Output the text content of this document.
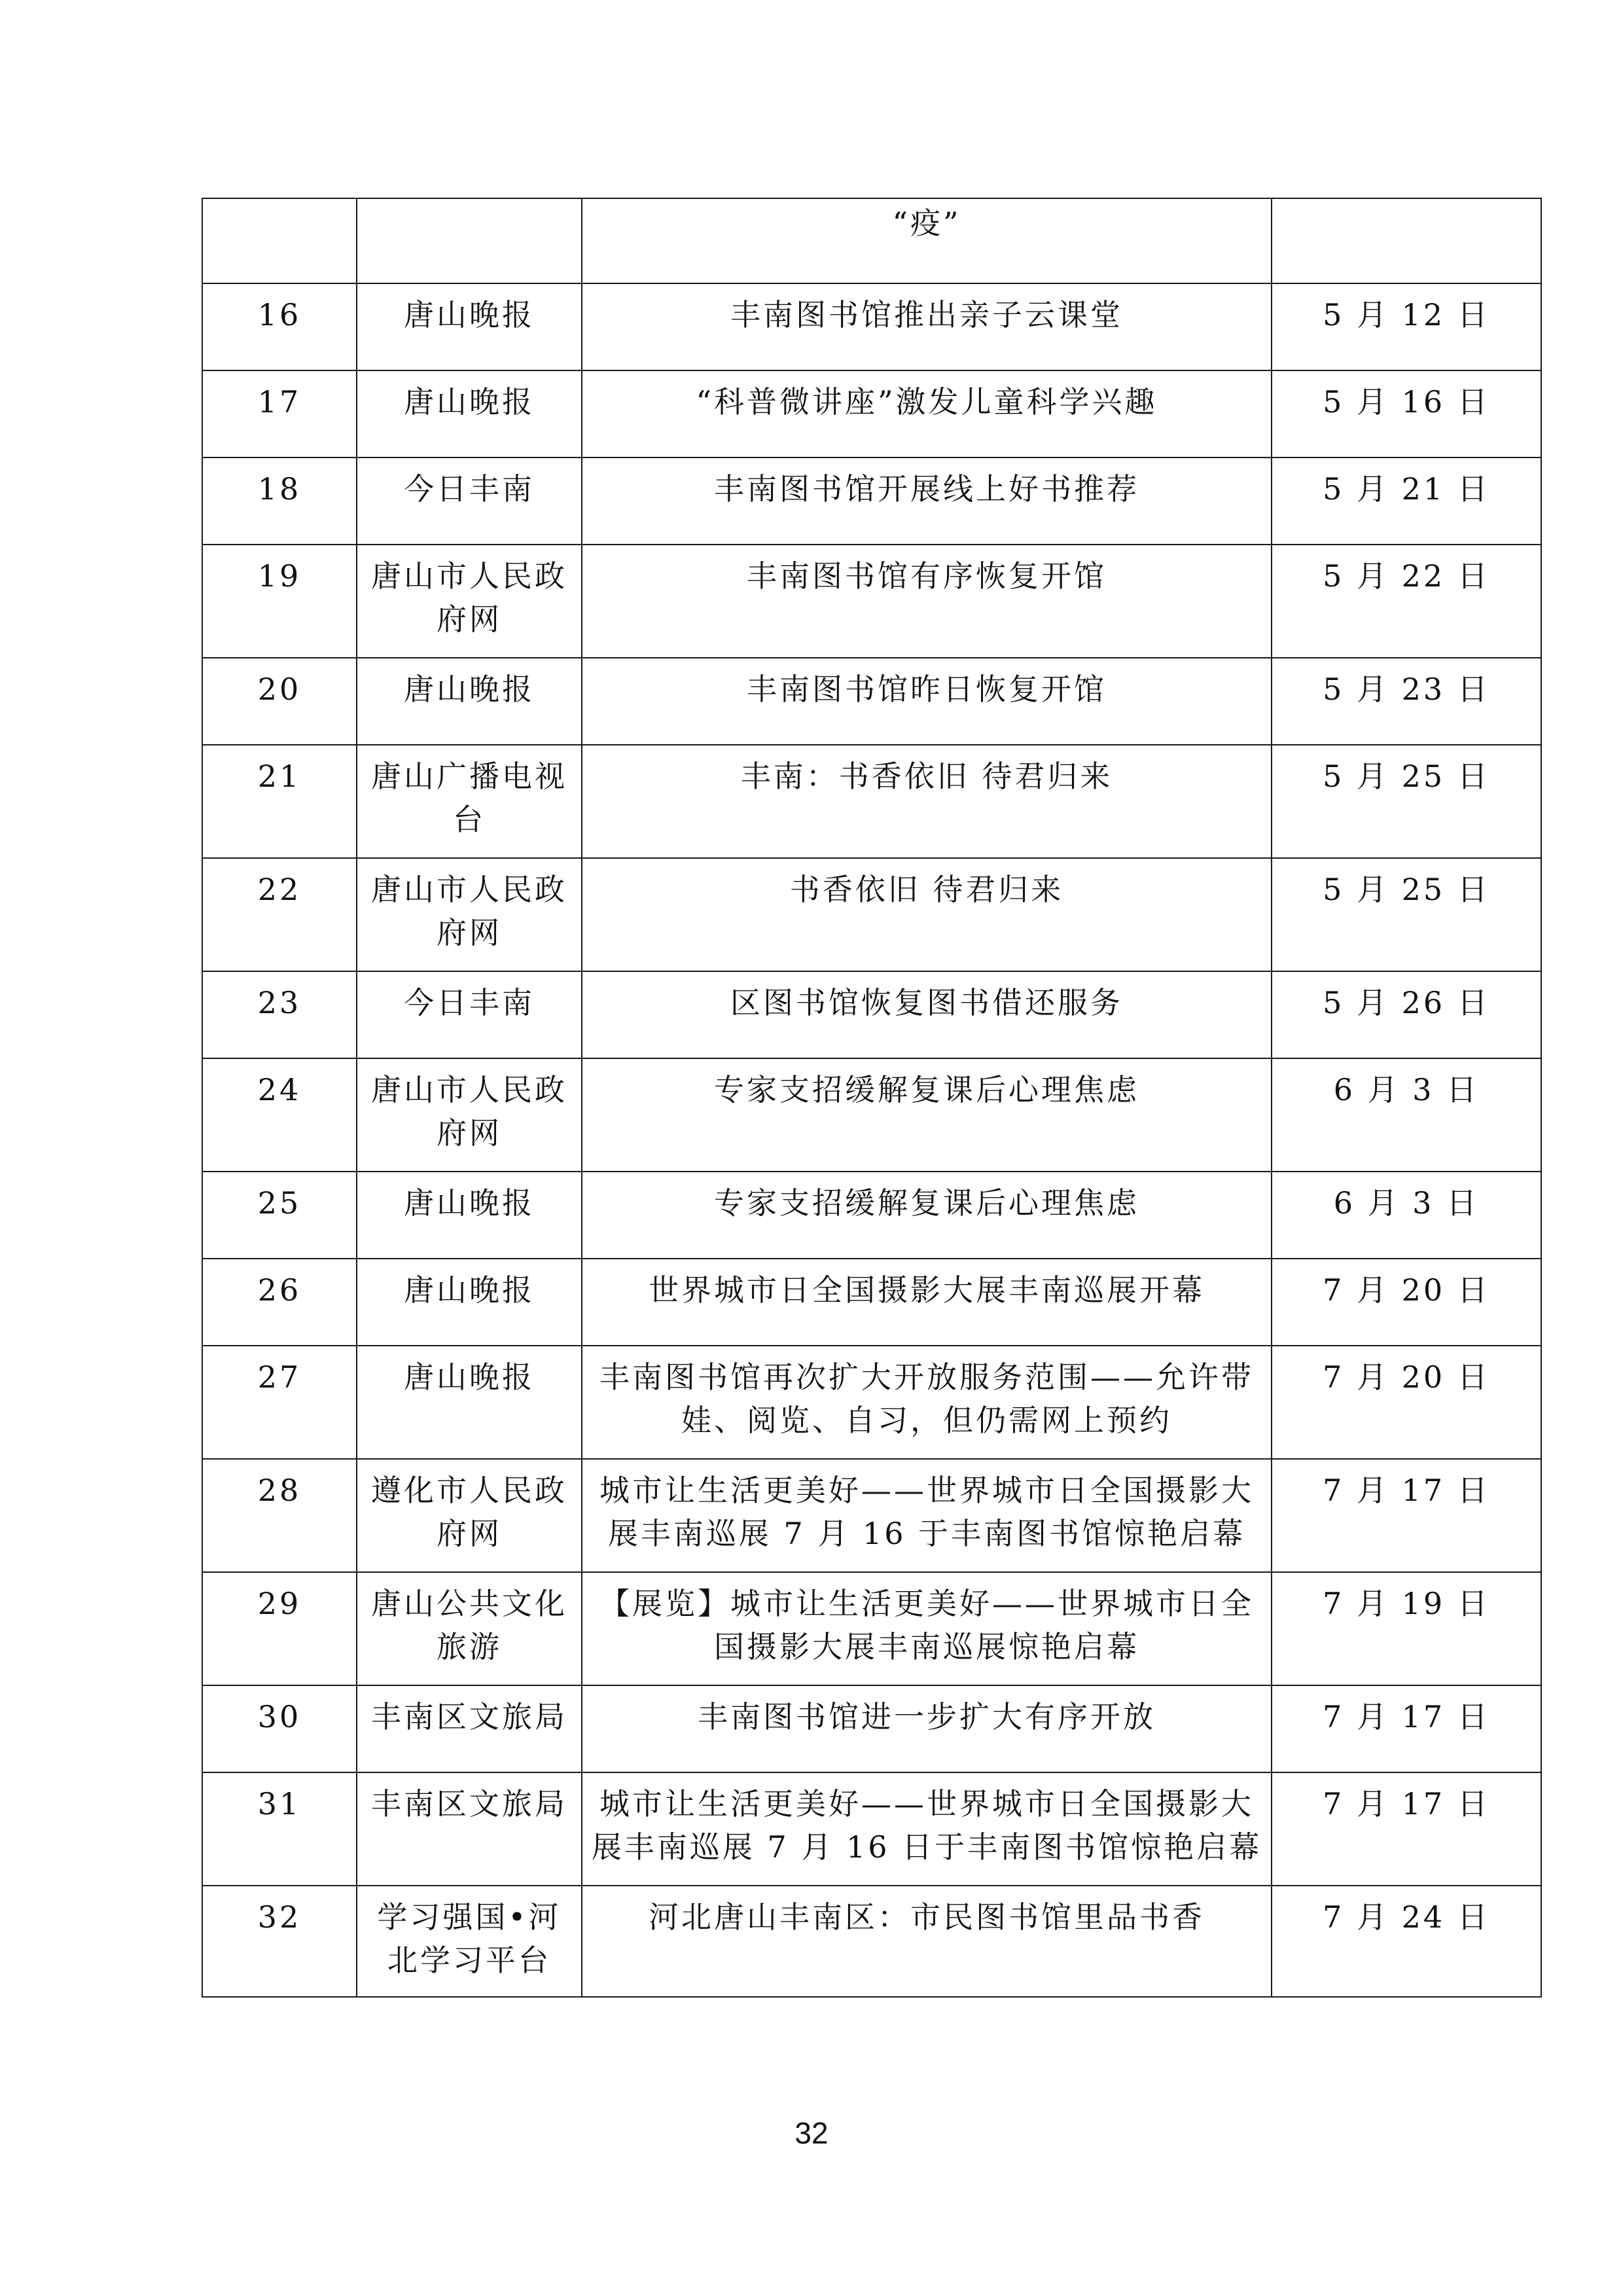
		“疫”	
16	唐山晚报	丰南图书馆推出亲子云课堂	5 月 12 日
17	唐山晚报	“科普微讲座”激发儿童科学兴趣	5 月 16 日
18	今日丰南	丰南图书馆开展线上好书推荐	5 月 21 日
19	唐山市人民政府网	丰南图书馆有序恢复开馆	5 月 22 日
20	唐山晚报	丰南图书馆昨日恢复开馆	5 月 23 日
21	唐山广播电视台	丰南：书香依旧 待君归来	5 月 25 日
22	唐山市人民政府网	书香依旧 待君归来	5 月 25 日
23	今日丰南	区图书馆恢复图书借还服务	5 月 26 日
24	唐山市人民政府网	专家支招缓解复课后心理焦虑	6 月 3 日
25	唐山晚报	专家支招缓解复课后心理焦虑	6 月 3 日
26	唐山晚报	世界城市日全国摄影大展丰南巡展开幕	7 月 20 日
27	唐山晚报	丰南图书馆再次扩大开放服务范围——允许带娃、阅览、自习，但仍需网上预约	7 月 20 日
28	遵化市人民政府网	城市让生活更美好——世界城市日全国摄影大展丰南巡展 7 月 16 于丰南图书馆惊艳启幕	7 月 17 日
29	唐山公共文化旅游	【展览】城市让生活更美好——世界城市日全国摄影大展丰南巡展惊艳启幕	7 月 19 日
30	丰南区文旅局	丰南图书馆进一步扩大有序开放	7 月 17 日
31	丰南区文旅局	城市让生活更美好——世界城市日全国摄影大展丰南巡展 7 月 16 日于丰南图书馆惊艳启幕	7 月 17 日
32	学习强国•河北学习平台	河北唐山丰南区：市民图书馆里品书香	7 月 24 日
32
